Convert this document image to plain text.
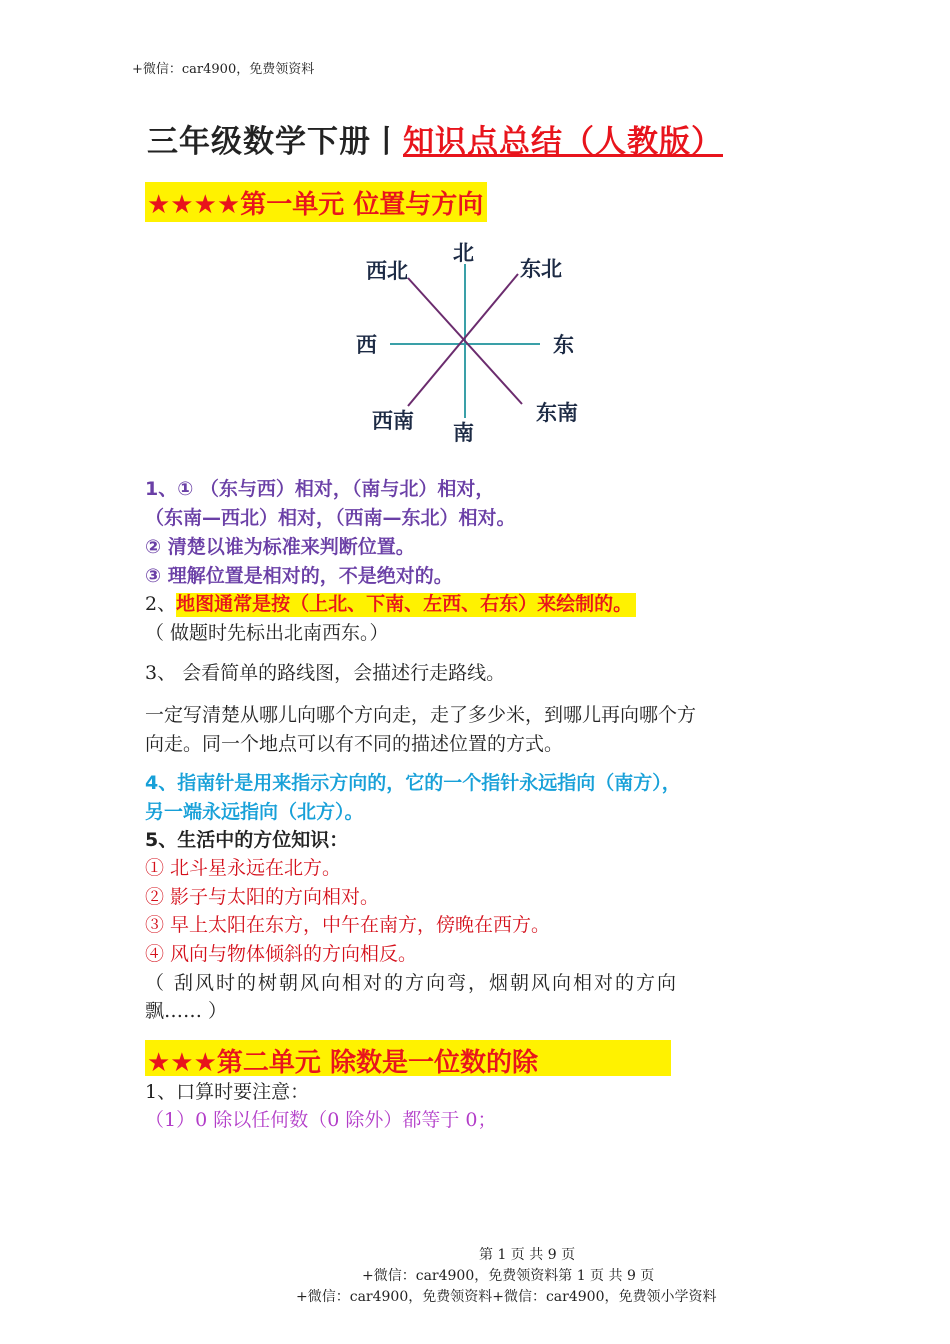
+微信：car4900，免费领资料
三年级数学下册丨知识点总结（人教版）
★★★★第一单元 位置与方向
北
东北
东
东南
南
西南
西
西北
1、① （东与西）相对，（南与北）相对，
（东南—西北）相对，（西南—东北）相对。
② 清楚以谁为标准来判断位置。
③ 理解位置是相对的，不是绝对的。
2、地图通常是按（上北、下南、左西、右东）来绘制的。
（ 做题时先标出北南西东。）
3、 会看简单的路线图，会描述行走路线。
一定写清楚从哪儿向哪个方向走，走了多少米，到哪儿再向哪个方
向走。同一个地点可以有不同的描述位置的方式。
4、指南针是用来指示方向的，它的一个指针永远指向（南方），
另一端永远指向（北方）。
5、生活中的方位知识：
① 北斗星永远在北方。
② 影子与太阳的方向相对。
③ 早上太阳在东方，中午在南方，傍晚在西方。
④ 风向与物体倾斜的方向相反。
（ 刮风时的树朝风向相对的方向弯，烟朝风向相对的方向
飘…… ）
★★★第二单元 除数是一位数的除
1、口算时要注意：
（1）0 除以任何数（0 除外）都等于 0；
第 1 页 共 9 页
+微信：car4900，免费领资料第 1 页 共 9 页
+微信：car4900，免费领资料+微信：car4900，免费领小学资料
